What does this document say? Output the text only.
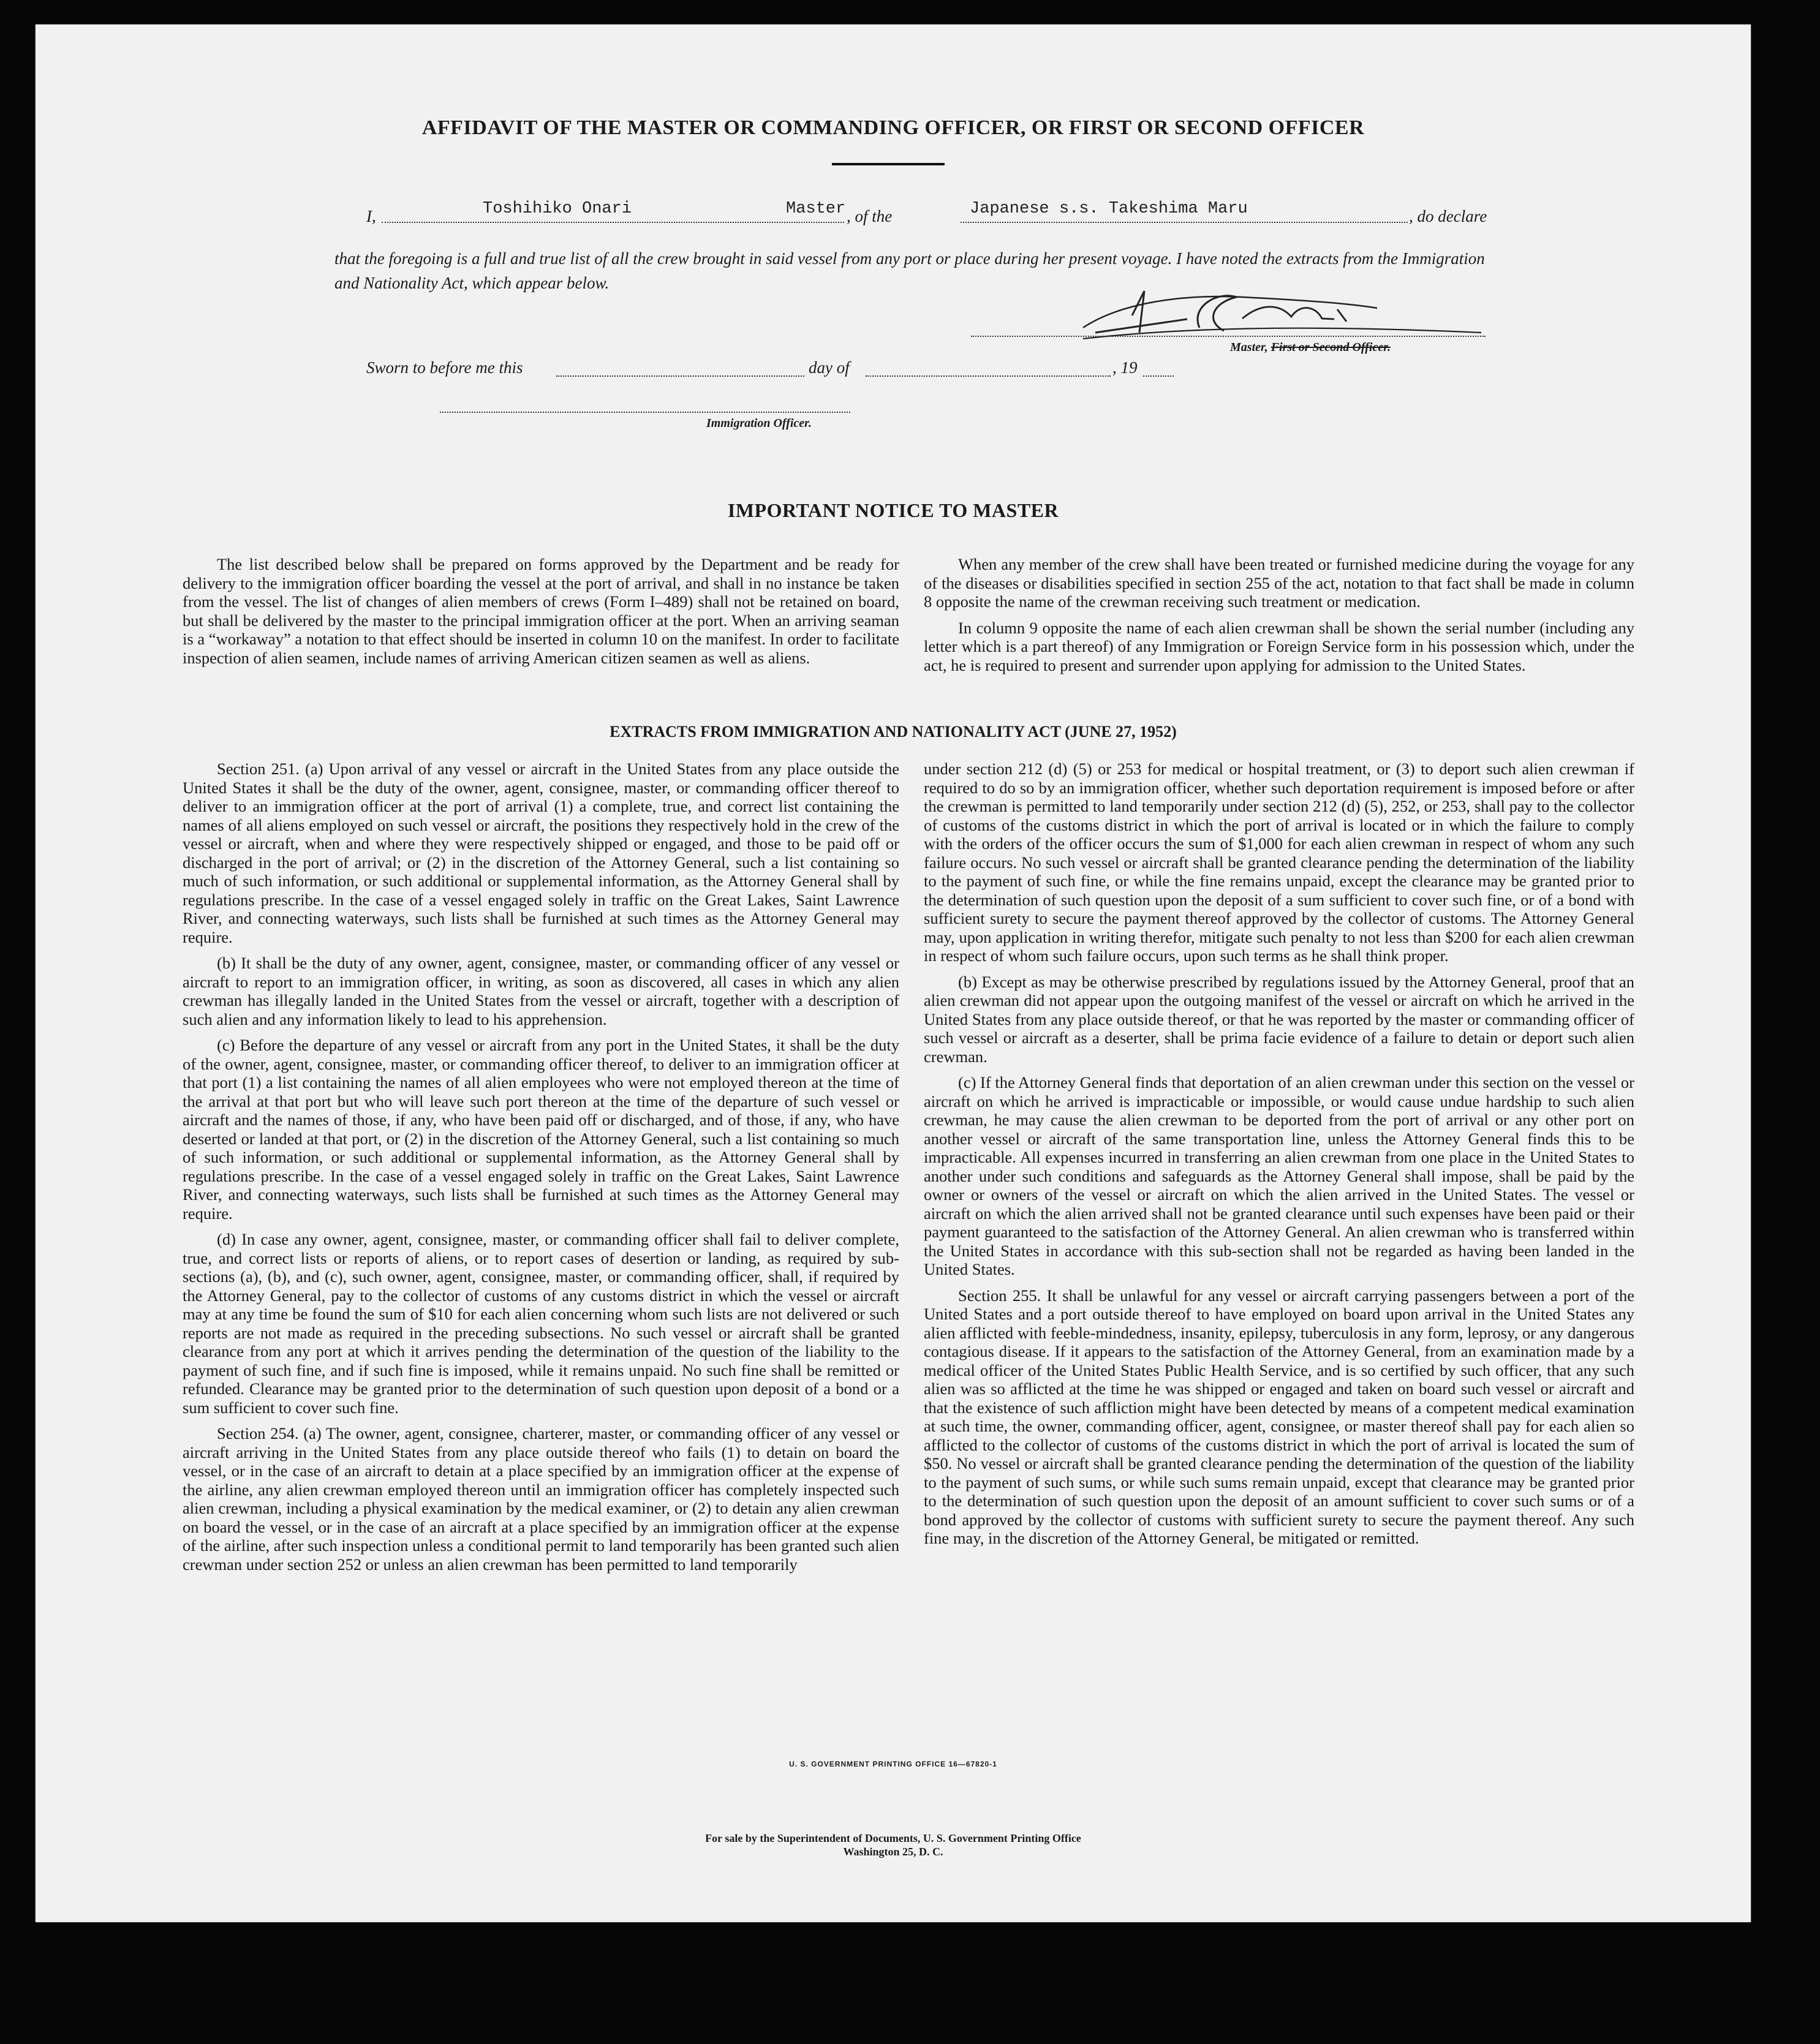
AFFIDAVIT OF THE MASTER OR COMMANDING OFFICER, OR FIRST OR SECOND OFFICER
I,	Toshihiko Onari	Master , of the	Japanese s.s. Takeshima Maru	, do declare
that the foregoing is a full and true list of all the crew brought in said vessel from any port or place during her present voyage. I have noted the extracts from the Immigration and Nationality Act, which appear below.
Master, First or Second Officer.
Sworn to before me this	day of	, 19
Immigration Officer.
IMPORTANT NOTICE TO MASTER

The list described below shall be prepared on forms approved by the Department and be ready for delivery to the immigration officer boarding the vessel at the port of arrival, and shall in no instance be taken from the vessel. The list of changes of alien members of crews (Form I–489) shall not be retained on board, but shall be delivered by the master to the principal immigration officer at the port. When an arriving seaman is a “workaway” a notation to that effect should be inserted in column 10 on the manifest. In order to facilitate inspection of alien seamen, include names of arriving American citizen seamen as well as aliens.

When any member of the crew shall have been treated or furnished medicine during the voyage for any of the diseases or disabilities specified in section 255 of the act, notation to that fact shall be made in column 8 opposite the name of the crewman receiving such treatment or medication.

In column 9 opposite the name of each alien crewman shall be shown the serial number (including any letter which is a part thereof) of any Immigration or Foreign Service form in his possession which, under the act, he is required to present and surrender upon applying for admission to the United States.

EXTRACTS FROM IMMIGRATION AND NATIONALITY ACT (JUNE 27, 1952)

Section 251. (a) Upon arrival of any vessel or aircraft in the United States from any place outside the United States it shall be the duty of the owner, agent, consignee, master, or commanding officer thereof to deliver to an immigration officer at the port of arrival (1) a complete, true, and correct list containing the names of all aliens employed on such vessel or aircraft, the positions they respectively hold in the crew of the vessel or aircraft, when and where they were respectively shipped or engaged, and those to be paid off or discharged in the port of arrival; or (2) in the discretion of the Attorney General, such a list containing so much of such information, or such additional or supplemental information, as the Attorney General shall by regulations prescribe. In the case of a vessel engaged solely in traffic on the Great Lakes, Saint Lawrence River, and connecting waterways, such lists shall be furnished at such times as the Attorney General may require.

(b) It shall be the duty of any owner, agent, consignee, master, or commanding officer of any vessel or aircraft to report to an immigration officer, in writing, as soon as discovered, all cases in which any alien crewman has illegally landed in the United States from the vessel or aircraft, together with a description of such alien and any information likely to lead to his apprehension.

(c) Before the departure of any vessel or aircraft from any port in the United States, it shall be the duty of the owner, agent, consignee, master, or commanding officer thereof, to deliver to an immigration officer at that port (1) a list containing the names of all alien employees who were not employed thereon at the time of the arrival at that port but who will leave such port thereon at the time of the departure of such vessel or aircraft and the names of those, if any, who have been paid off or discharged, and of those, if any, who have deserted or landed at that port, or (2) in the discretion of the Attorney General, such a list containing so much of such information, or such additional or supplemental information, as the Attorney General shall by regulations prescribe. In the case of a vessel engaged solely in traffic on the Great Lakes, Saint Lawrence River, and connecting waterways, such lists shall be furnished at such times as the Attorney General may require.

(d) In case any owner, agent, consignee, master, or commanding officer shall fail to deliver complete, true, and correct lists or reports of aliens, or to report cases of desertion or landing, as required by sub-sections (a), (b), and (c), such owner, agent, consignee, master, or commanding officer, shall, if required by the Attorney General, pay to the collector of customs of any customs district in which the vessel or aircraft may at any time be found the sum of $10 for each alien concerning whom such lists are not delivered or such reports are not made as required in the preceding subsections. No such vessel or aircraft shall be granted clearance from any port at which it arrives pending the determination of the question of the liability to the payment of such fine, and if such fine is imposed, while it remains unpaid. No such fine shall be remitted or refunded. Clearance may be granted prior to the determination of such question upon deposit of a bond or a sum sufficient to cover such fine.

Section 254. (a) The owner, agent, consignee, charterer, master, or commanding officer of any vessel or aircraft arriving in the United States from any place outside thereof who fails (1) to detain on board the vessel, or in the case of an aircraft to detain at a place specified by an immigration officer at the expense of the airline, any alien crewman employed thereon until an immigration officer has completely inspected such alien crewman, including a physical examination by the medical examiner, or (2) to detain any alien crewman on board the vessel, or in the case of an aircraft at a place specified by an immigration officer at the expense of the airline, after such inspection unless a conditional permit to land temporarily has been granted such alien crewman under section 252 or unless an alien crewman has been permitted to land temporarily

under section 212 (d) (5) or 253 for medical or hospital treatment, or (3) to deport such alien crewman if required to do so by an immigration officer, whether such deportation requirement is imposed before or after the crewman is permitted to land temporarily under section 212 (d) (5), 252, or 253, shall pay to the collector of customs of the customs district in which the port of arrival is located or in which the failure to comply with the orders of the officer occurs the sum of $1,000 for each alien crewman in respect of whom any such failure occurs. No such vessel or aircraft shall be granted clearance pending the determination of the liability to the payment of such fine, or while the fine remains unpaid, except the clearance may be granted prior to the determination of such question upon the deposit of a sum sufficient to cover such fine, or of a bond with sufficient surety to secure the payment thereof approved by the collector of customs. The Attorney General may, upon application in writing therefor, mitigate such penalty to not less than $200 for each alien crewman in respect of whom such failure occurs, upon such terms as he shall think proper.

(b) Except as may be otherwise prescribed by regulations issued by the Attorney General, proof that an alien crewman did not appear upon the outgoing manifest of the vessel or aircraft on which he arrived in the United States from any place outside thereof, or that he was reported by the master or commanding officer of such vessel or aircraft as a deserter, shall be prima facie evidence of a failure to detain or deport such alien crewman.

(c) If the Attorney General finds that deportation of an alien crewman under this section on the vessel or aircraft on which he arrived is impracticable or impossible, or would cause undue hardship to such alien crewman, he may cause the alien crewman to be deported from the port of arrival or any other port on another vessel or aircraft of the same transportation line, unless the Attorney General finds this to be impracticable. All expenses incurred in transferring an alien crewman from one place in the United States to another under such conditions and safeguards as the Attorney General shall impose, shall be paid by the owner or owners of the vessel or aircraft on which the alien arrived in the United States. The vessel or aircraft on which the alien arrived shall not be granted clearance until such expenses have been paid or their payment guaranteed to the satisfaction of the Attorney General. An alien crewman who is transferred within the United States in accordance with this sub-section shall not be regarded as having been landed in the United States.

Section 255. It shall be unlawful for any vessel or aircraft carrying passengers between a port of the United States and a port outside thereof to have employed on board upon arrival in the United States any alien afflicted with feeble-mindedness, insanity, epilepsy, tuberculosis in any form, leprosy, or any dangerous contagious disease. If it appears to the satisfaction of the Attorney General, from an examination made by a medical officer of the United States Public Health Service, and is so certified by such officer, that any such alien was so afflicted at the time he was shipped or engaged and taken on board such vessel or aircraft and that the existence of such affliction might have been detected by means of a competent medical examination at such time, the owner, commanding officer, agent, consignee, or master thereof shall pay for each alien so afflicted to the collector of customs of the customs district in which the port of arrival is located the sum of $50. No vessel or aircraft shall be granted clearance pending the determination of the question of the liability to the payment of such sums, or while such sums remain unpaid, except that clearance may be granted prior to the determination of such question upon the deposit of an amount sufficient to cover such sums or of a bond approved by the collector of customs with sufficient surety to secure the payment thereof. Any such fine may, in the discretion of the Attorney General, be mitigated or remitted.

U. S. GOVERNMENT PRINTING OFFICE 16—67820-1
For sale by the Superintendent of Documents, U. S. Government Printing Office
Washington 25, D. C.
